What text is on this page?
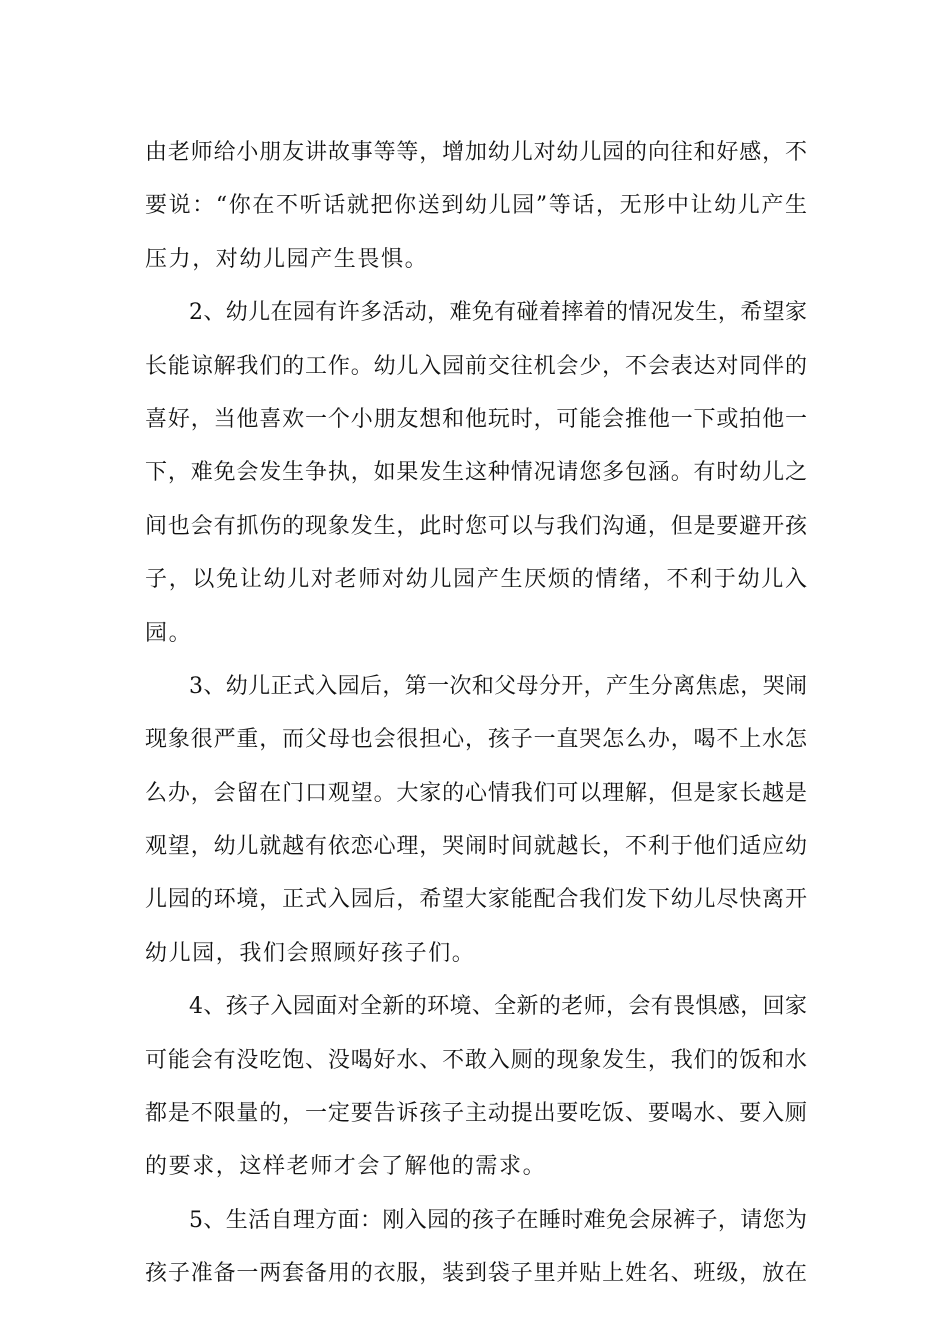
由老师给小朋友讲故事等等，增加幼儿对幼儿园的向往和好感，不
要说：“你在不听话就把你送到幼儿园”等话，无形中让幼儿产生
压力，对幼儿园产生畏惧。
2、幼儿在园有许多活动，难免有碰着摔着的情况发生，希望家
长能谅解我们的工作。幼儿入园前交往机会少，不会表达对同伴的
喜好，当他喜欢一个小朋友想和他玩时，可能会推他一下或拍他一
下，难免会发生争执，如果发生这种情况请您多包涵。有时幼儿之
间也会有抓伤的现象发生，此时您可以与我们沟通，但是要避开孩
子，以免让幼儿对老师对幼儿园产生厌烦的情绪，不利于幼儿入
园。
3、幼儿正式入园后，第一次和父母分开，产生分离焦虑，哭闹
现象很严重，而父母也会很担心，孩子一直哭怎么办，喝不上水怎
么办，会留在门口观望。大家的心情我们可以理解，但是家长越是
观望，幼儿就越有依恋心理，哭闹时间就越长，不利于他们适应幼
儿园的环境，正式入园后，希望大家能配合我们发下幼儿尽快离开
幼儿园，我们会照顾好孩子们。
4、孩子入园面对全新的环境、全新的老师，会有畏惧感，回家
可能会有没吃饱、没喝好水、不敢入厕的现象发生，我们的饭和水
都是不限量的，一定要告诉孩子主动提出要吃饭、要喝水、要入厕
的要求，这样老师才会了解他的需求。
5、生活自理方面：刚入园的孩子在睡时难免会尿裤子，请您为
孩子准备一两套备用的衣服，装到袋子里并贴上姓名、班级，放在
